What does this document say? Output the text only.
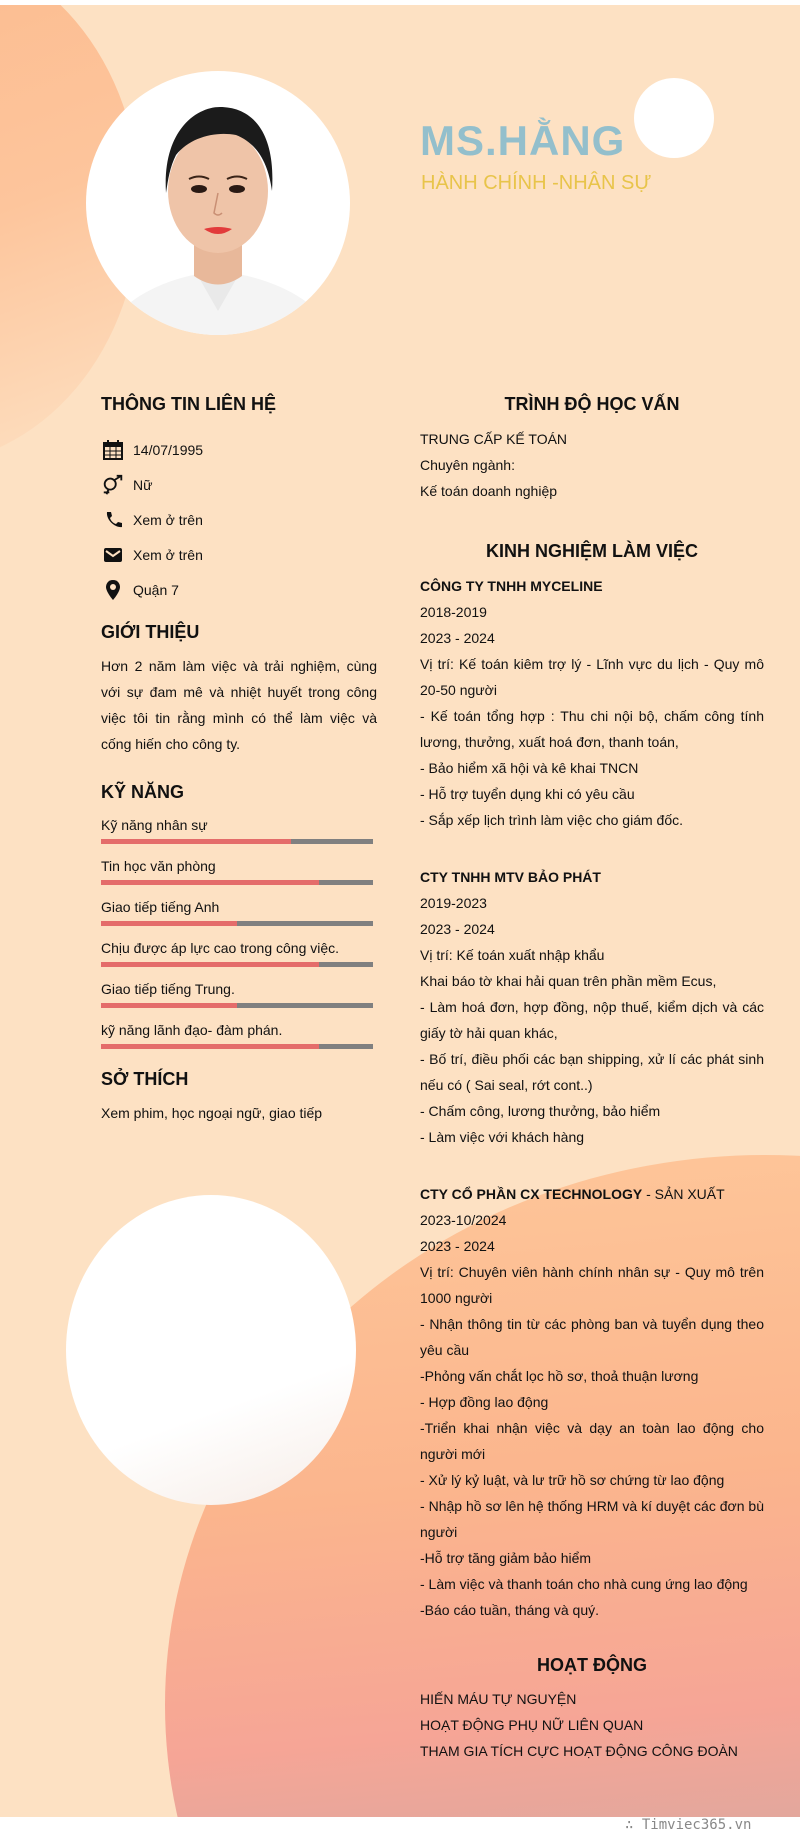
MS.HẰNG
HÀNH CHÍNH -NHÂN SỰ
THÔNG TIN LIÊN HỆ
14/07/1995
Nữ
Xem ở trên
Xem ở trên
Quận 7
GIỚI THIỆU
Hơn 2 năm làm việc và trải nghiệm, cùng với sự đam mê và nhiệt huyết trong công việc tôi tin rằng mình có thể làm việc và cống hiến cho công ty.
KỸ NĂNG
Kỹ năng nhân sự
Tin học văn phòng
Giao tiếp tiếng Anh
Chịu được áp lực cao trong công việc.
Giao tiếp tiếng Trung.
kỹ năng lãnh đạo- đàm phán.
SỞ THÍCH
Xem phim, học ngoại ngữ, giao tiếp
TRÌNH ĐỘ HỌC VẤN

TRUNG CẤP KẾ TOÁN

Chuyên ngành:

Kế toán doanh nghiệp

KINH NGHIỆM LÀM VIỆC

CÔNG TY TNHH MYCELINE

2018-2019

2023 - 2024

Vị trí: Kế toán kiêm trợ lý - Lĩnh vực du lịch - Quy mô 20-50 người

- Kế toán tổng hợp : Thu chi nội bộ, chấm công tính lương, thưởng, xuất hoá đơn, thanh toán,

- Bảo hiểm xã hội và kê khai TNCN

- Hỗ trợ tuyển dụng khi có yêu cầu

- Sắp xếp lịch trình làm việc cho giám đốc.

CTY TNHH MTV BẢO PHÁT

2019-2023

2023 - 2024

Vị trí: Kế toán xuất nhập khẩu

Khai báo tờ khai hải quan trên phần mềm Ecus,

- Làm hoá đơn, hợp đồng, nộp thuế, kiểm dịch và các giấy tờ hải quan khác,

- Bố trí, điều phối các bạn shipping, xử lí các phát sinh nếu có ( Sai seal, rớt cont..)

- Chấm công, lương thưởng, bảo hiểm

- Làm việc với khách hàng

CTY CỔ PHẦN CX TECHNOLOGY - SẢN XUẤT

2023-10/2024

2023 - 2024

Vị trí: Chuyên viên hành chính nhân sự - Quy mô trên 1000 người

- Nhận thông tin từ các phòng ban và tuyển dụng theo yêu cầu

-Phỏng vấn chắt lọc hồ sơ, thoả thuận lương

- Hợp đồng lao động

-Triển khai nhận việc và dạy an toàn lao động cho người mới

- Xử lý kỷ luật, và lư trữ hồ sơ chứng từ lao động

- Nhập hồ sơ lên hệ thống HRM và kí duyệt các đơn bù người

-Hỗ trợ tăng giảm bảo hiểm

- Làm việc và thanh toán cho nhà cung ứng lao động

-Báo cáo tuần, tháng và quý.

HOẠT ĐỘNG

HIẾN MÁU TỰ NGUYỆN

HOẠT ĐỘNG PHỤ NỮ LIÊN QUAN

THAM GIA TÍCH CỰC HOẠT ĐỘNG CÔNG ĐOÀN

∴ Timviec365.vn
